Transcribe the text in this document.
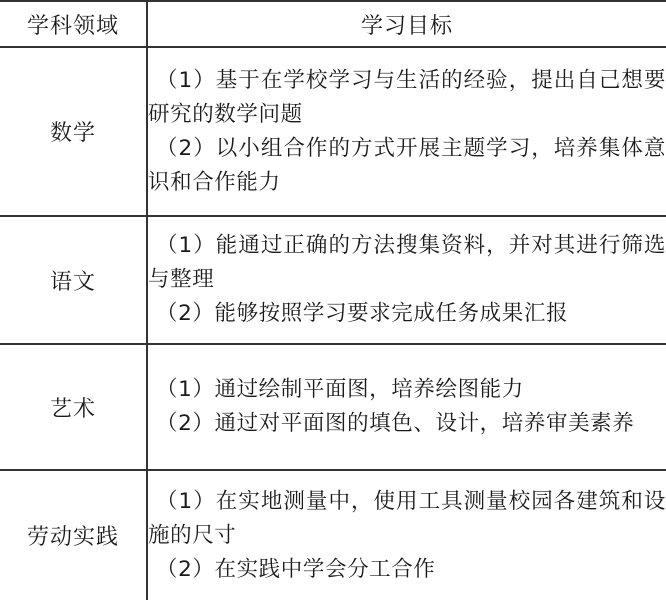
学科领域	学习目标
数学	（1）基于在学校学习与生活的经验，提出自己想要研究的数学问题
（2）以小组合作的方式开展主题学习，培养集体意识和合作能力

语文	（1）能通过正确的方法搜集资料，并对其进行筛选与整理
（2）能够按照学习要求完成任务成果汇报

艺术	（1）通过绘制平面图，培养绘图能力
（2）通过对平面图的填色、设计，培养审美素养

劳动实践	（1）在实地测量中，使用工具测量校园各建筑和设施的尺寸
（2）在实践中学会分工合作
